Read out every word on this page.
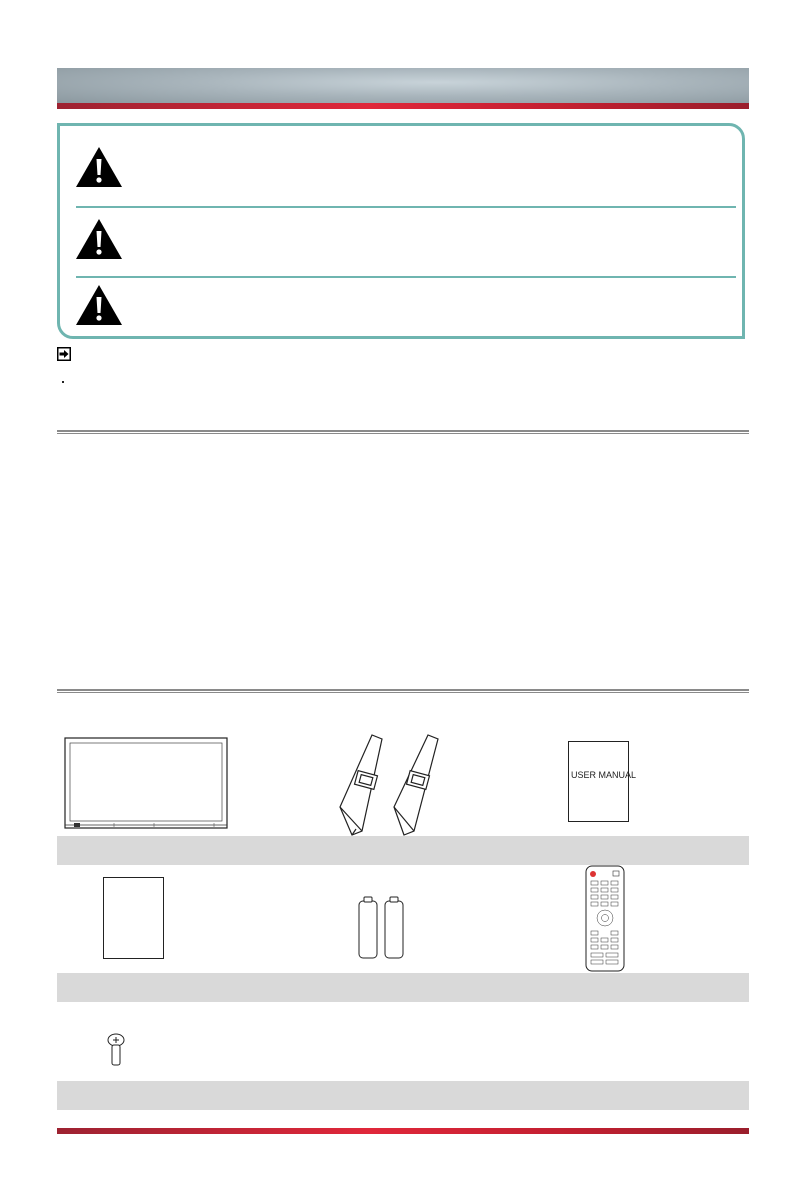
USER MANUAL
